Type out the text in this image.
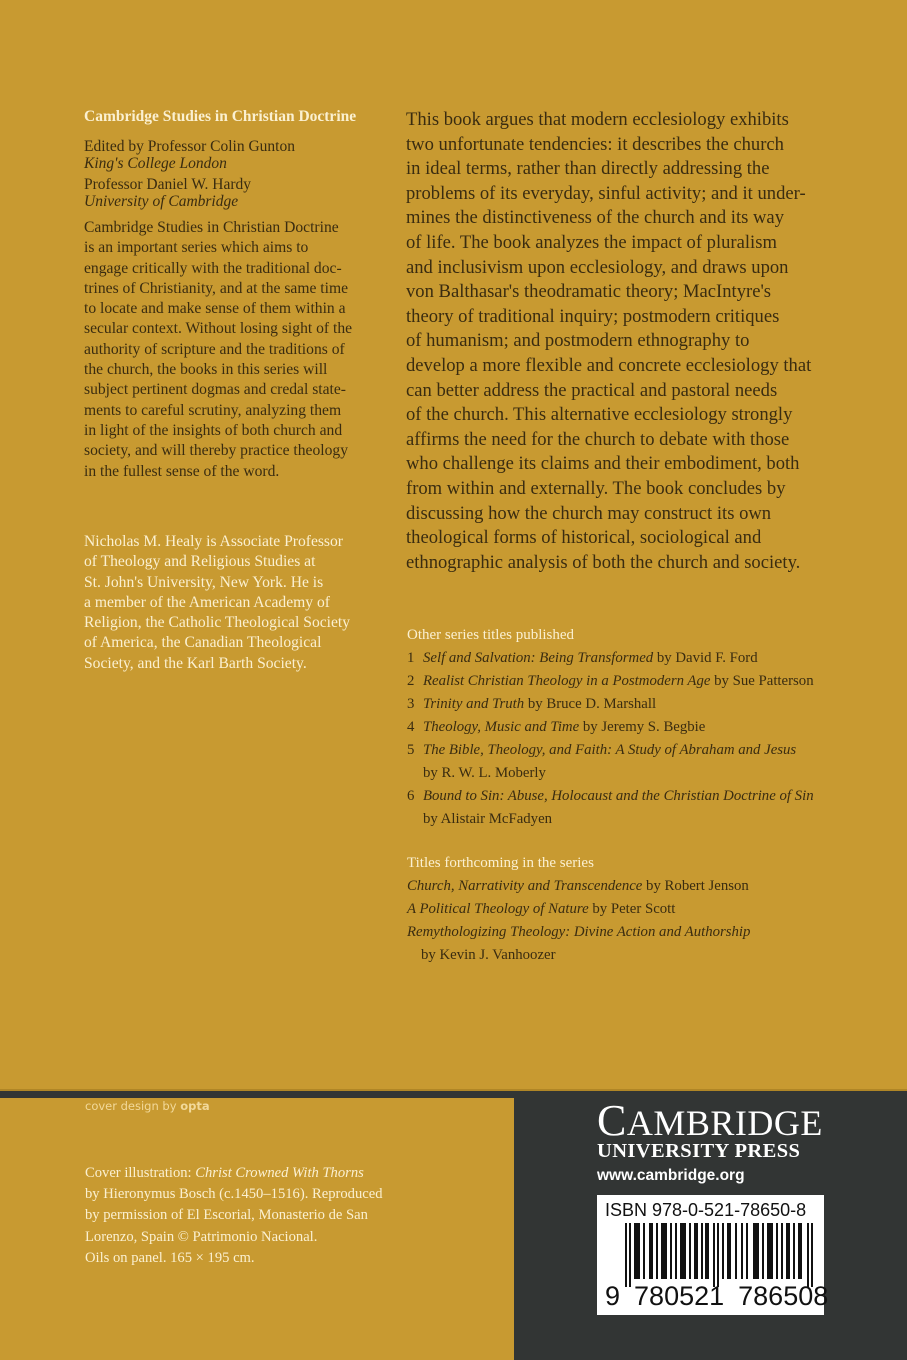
Cambridge Studies in Christian Doctrine
Edited by Professor Colin Gunton
King's College London
Professor Daniel W. Hardy
University of Cambridge
Cambridge Studies in Christian Doctrine
is an important series which aims to
engage critically with the traditional doc-
trines of Christianity, and at the same time
to locate and make sense of them within a
secular context. Without losing sight of the
authority of scripture and the traditions of
the church, the books in this series will
subject pertinent dogmas and credal state-
ments to careful scrutiny, analyzing them
in light of the insights of both church and
society, and will thereby practice theology
in the fullest sense of the word.
Nicholas M. Healy is Associate Professor
of Theology and Religious Studies at
St. John's University, New York. He is
a member of the American Academy of
Religion, the Catholic Theological Society
of America, the Canadian Theological
Society, and the Karl Barth Society.

This book argues that modern ecclesiology exhibits

two unfortunate tendencies: it describes the church

in ideal terms, rather than directly addressing the

problems of its everyday, sinful activity; and it under-

mines the distinctiveness of the church and its way

of life. The book analyzes the impact of pluralism

and inclusivism upon ecclesiology, and draws upon

von Balthasar's theodramatic theory; MacIntyre's

theory of traditional inquiry; postmodern critiques

of humanism; and postmodern ethnography to

develop a more flexible and concrete ecclesiology that

can better address the practical and pastoral needs

of the church. This alternative ecclesiology strongly

affirms the need for the church to debate with those

who challenge its claims and their embodiment, both

from within and externally. The book concludes by

discussing how the church may construct its own

theological forms of historical, sociological and

ethnographic analysis of both the church and society.

Other series titles published
1 Self and Salvation: Being Transformed by David F. Ford
2 Realist Christian Theology in a Postmodern Age by Sue Patterson
3 Trinity and Truth by Bruce D. Marshall
4 Theology, Music and Time by Jeremy S. Begbie
5 The Bible, Theology, and Faith: A Study of Abraham and Jesus
by R. W. L. Moberly
6 Bound to Sin: Abuse, Holocaust and the Christian Doctrine of Sin
by Alistair McFadyen
Titles forthcoming in the series
Church, Narrativity and Transcendence by Robert Jenson
A Political Theology of Nature by Peter Scott
Remythologizing Theology: Divine Action and Authorship
by Kevin J. Vanhoozer
cover design by opta
Cover illustration: Christ Crowned With Thorns
by Hieronymus Bosch (c.1450–1516). Reproduced
by permission of El Escorial, Monasterio de San
Lorenzo, Spain © Patrimonio Nacional.
Oils on panel. 165 × 195 cm.
CAMBRIDGE
UNIVERSITY PRESS
www.cambridge.org
ISBN 978-0-521-78650-8
9 780521 786508
